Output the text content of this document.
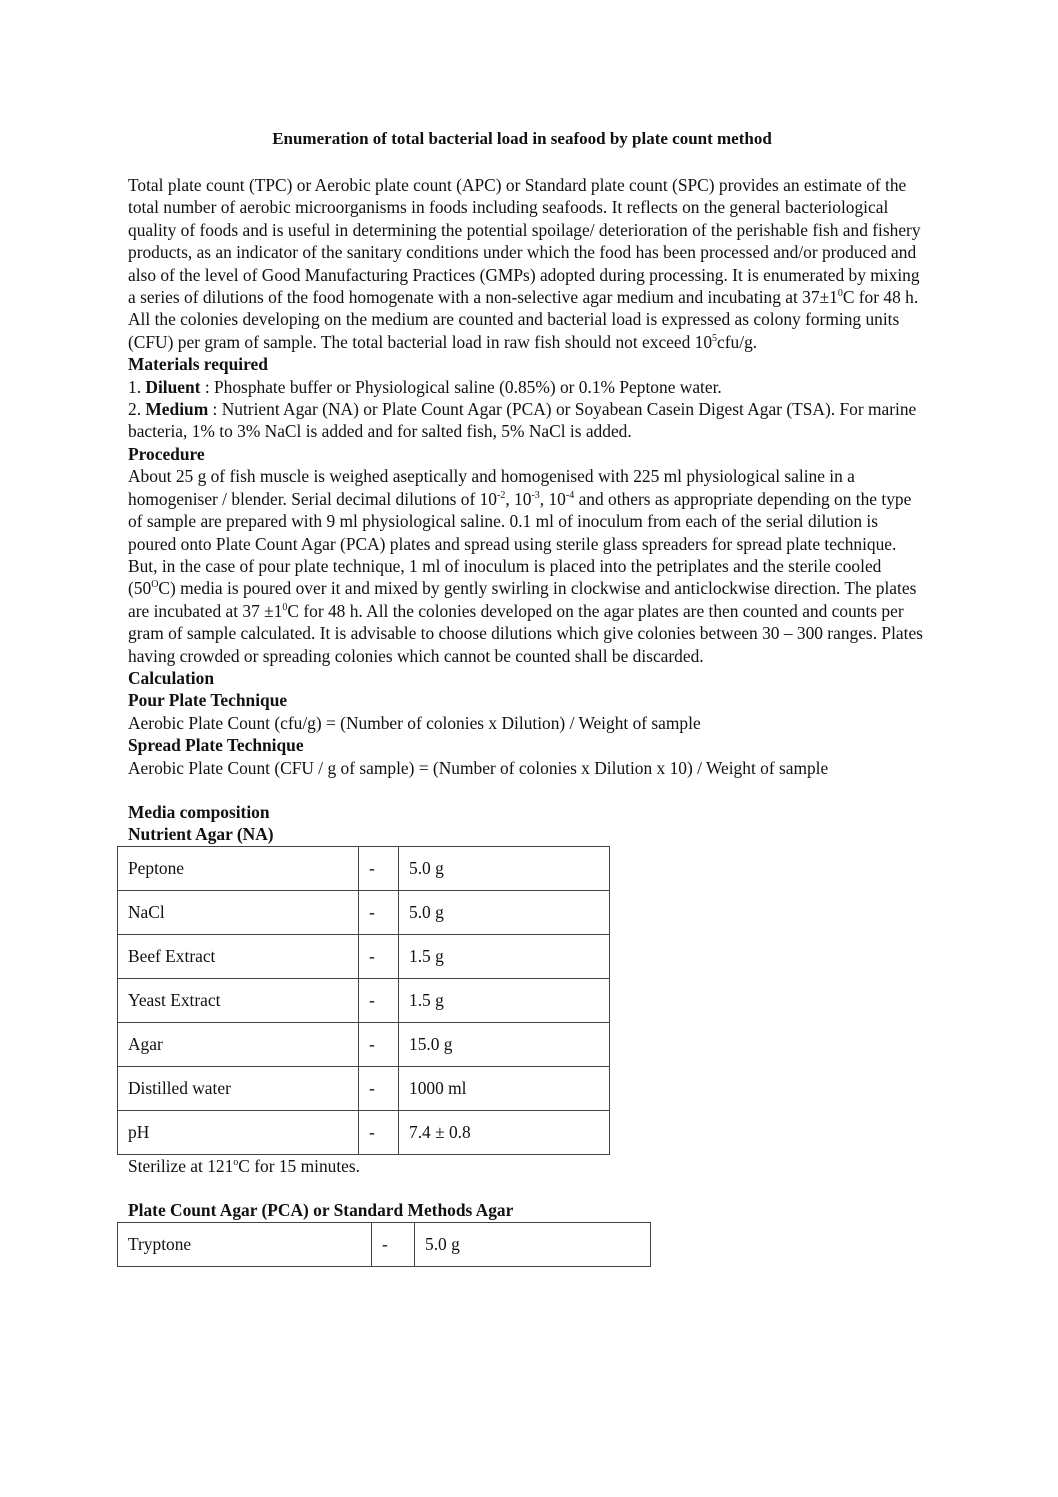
Enumeration of total bacterial load in seafood by plate count method

Total plate count (TPC) or Aerobic plate count (APC) or Standard plate count (SPC) provides an estimate of the total number of aerobic microorganisms in foods including seafoods. It reflects on the general bacteriological quality of foods and is useful in determining the potential spoilage/ deterioration of the perishable fish and fishery products, as an indicator of the sanitary conditions under which the food has been processed and/or produced and also of the level of Good Manufacturing Practices (GMPs) adopted during processing. It is enumerated by mixing a series of dilutions of the food homogenate with a non-selective agar medium and incubating at $37\pm 1^0C$ for 48 h. All the colonies developing on the medium are counted and bacterial load is expressed as colony forming units (CFU) per gram of sample. The total bacterial load in raw fish should not exceed $10^5cfu/g$.

Materials required

1. Diluent : Phosphate buffer or Physiological saline (0.85%) or 0.1% Peptone water.

2. Medium : Nutrient Agar (NA) or Plate Count Agar (PCA) or Soyabean Casein Digest Agar (TSA). For marine bacteria, 1% to 3% NaCl is added and for salted fish, 5% NaCl is added.

Procedure

About 25 g of fish muscle is weighed aseptically and homogenised with 225 ml physiological saline in a homogeniser / blender. Serial decimal dilutions of $10^{-2}$, $10^{-3}$, $10^{-4}$ and others as appropriate depending on the type of sample are prepared with 9 ml physiological saline. 0.1 ml of inoculum from each of the serial dilution is poured onto Plate Count Agar (PCA) plates and spread using sterile glass spreaders for spread plate technique. But, in the case of pour plate technique, 1 ml of inoculum is placed into the petriplates and the sterile cooled $(50^OC)$ media is poured over it and mixed by gently swirling in clockwise and anticlockwise direction. The plates are incubated at $37 \pm 1^0C$ for 48 h. All the colonies developed on the agar plates are then counted and counts per gram of sample calculated. It is advisable to choose dilutions which give colonies between 30 – 300 ranges. Plates having crowded or spreading colonies which cannot be counted shall be discarded.

Calculation

Pour Plate Technique

Aerobic Plate Count (cfu/g) = (Number of colonies x Dilution) / Weight of sample

Spread Plate Technique

Aerobic Plate Count (CFU / g of sample) = (Number of colonies x Dilution x 10) / Weight of sample

Media composition

Nutrient Agar (NA)

Peptone	-	5.0 g
NaCl	-	5.0 g
Beef Extract	-	1.5 g
Yeast Extract	-	1.5 g
Agar	-	15.0 g
Distilled water	-	1000 ml
pH	-	7.4 ± 0.8

Sterilize at 121$^o$C for 15 minutes.

Plate Count Agar (PCA) or Standard Methods Agar

Tryptone	-	5.0 g
